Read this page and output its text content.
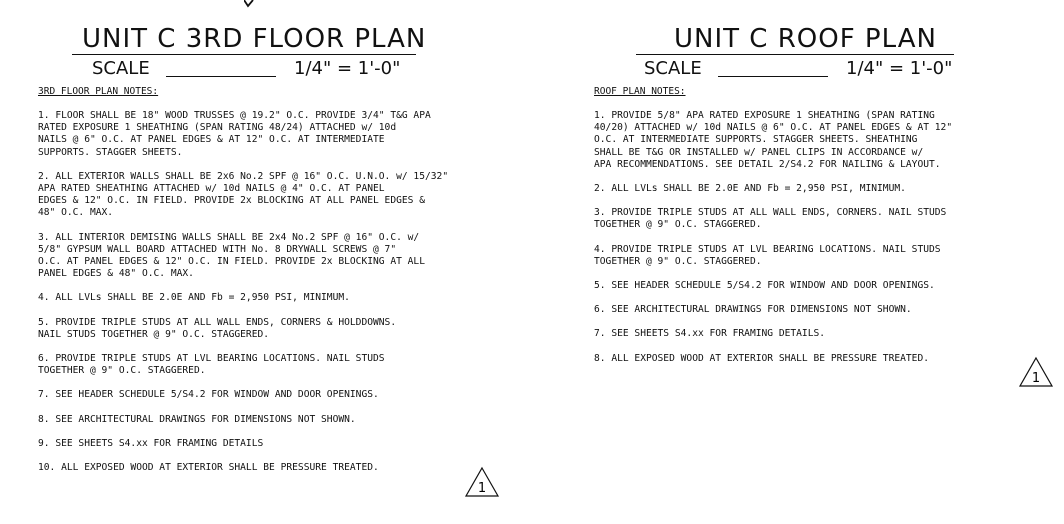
UNIT C 3RD FLOOR PLAN
SCALE	1/4" = 1'-0"
3RD FLOOR PLAN NOTES:
1. FLOOR SHALL BE 18" WOOD TRUSSES @ 19.2" O.C. PROVIDE 3/4" T&G APA
RATED EXPOSURE 1 SHEATHING (SPAN RATING 48/24) ATTACHED w/ 10d
NAILS @ 6" O.C. AT PANEL EDGES & AT 12" O.C. AT INTERMEDIATE
SUPPORTS. STAGGER SHEETS.
2. ALL EXTERIOR WALLS SHALL BE 2x6 No.2 SPF @ 16" O.C. U.N.O. w/ 15/32"
APA RATED SHEATHING ATTACHED w/ 10d NAILS @ 4" O.C. AT PANEL
EDGES & 12" O.C. IN FIELD. PROVIDE 2x BLOCKING AT ALL PANEL EDGES &
48" O.C. MAX.
3. ALL INTERIOR DEMISING WALLS SHALL BE 2x4 No.2 SPF @ 16" O.C. w/
5/8" GYPSUM WALL BOARD ATTACHED WITH No. 8 DRYWALL SCREWS @ 7"
O.C. AT PANEL EDGES & 12" O.C. IN FIELD. PROVIDE 2x BLOCKING AT ALL
PANEL EDGES & 48" O.C. MAX.
4. ALL LVLs SHALL BE 2.0E AND Fb = 2,950 PSI, MINIMUM.
5. PROVIDE TRIPLE STUDS AT ALL WALL ENDS, CORNERS & HOLDDOWNS.
NAIL STUDS TOGETHER @ 9" O.C. STAGGERED.
6. PROVIDE TRIPLE STUDS AT LVL BEARING LOCATIONS. NAIL STUDS
TOGETHER @ 9" O.C. STAGGERED.
7. SEE HEADER SCHEDULE 5/S4.2 FOR WINDOW AND DOOR OPENINGS.
8. SEE ARCHITECTURAL DRAWINGS FOR DIMENSIONS NOT SHOWN.
9. SEE SHEETS S4.xx FOR FRAMING DETAILS
10. ALL EXPOSED WOOD AT EXTERIOR SHALL BE PRESSURE TREATED.
1
UNIT C ROOF PLAN
SCALE	1/4" = 1'-0"
ROOF PLAN NOTES:
1. PROVIDE 5/8" APA RATED EXPOSURE 1 SHEATHING (SPAN RATING
40/20) ATTACHED w/ 10d NAILS @ 6" O.C. AT PANEL EDGES & AT 12"
O.C. AT INTERMEDIATE SUPPORTS. STAGGER SHEETS. SHEATHING
SHALL BE T&G OR INSTALLED w/ PANEL CLIPS IN ACCORDANCE w/
APA RECOMMENDATIONS. SEE DETAIL 2/S4.2 FOR NAILING & LAYOUT.
2. ALL LVLs SHALL BE 2.0E AND Fb = 2,950 PSI, MINIMUM.
3. PROVIDE TRIPLE STUDS AT ALL WALL ENDS, CORNERS. NAIL STUDS
TOGETHER @ 9" O.C. STAGGERED.
4. PROVIDE TRIPLE STUDS AT LVL BEARING LOCATIONS. NAIL STUDS
TOGETHER @ 9" O.C. STAGGERED.
5. SEE HEADER SCHEDULE 5/S4.2 FOR WINDOW AND DOOR OPENINGS.
6. SEE ARCHITECTURAL DRAWINGS FOR DIMENSIONS NOT SHOWN.
7. SEE SHEETS S4.xx FOR FRAMING DETAILS.
8. ALL EXPOSED WOOD AT EXTERIOR SHALL BE PRESSURE TREATED.
1
